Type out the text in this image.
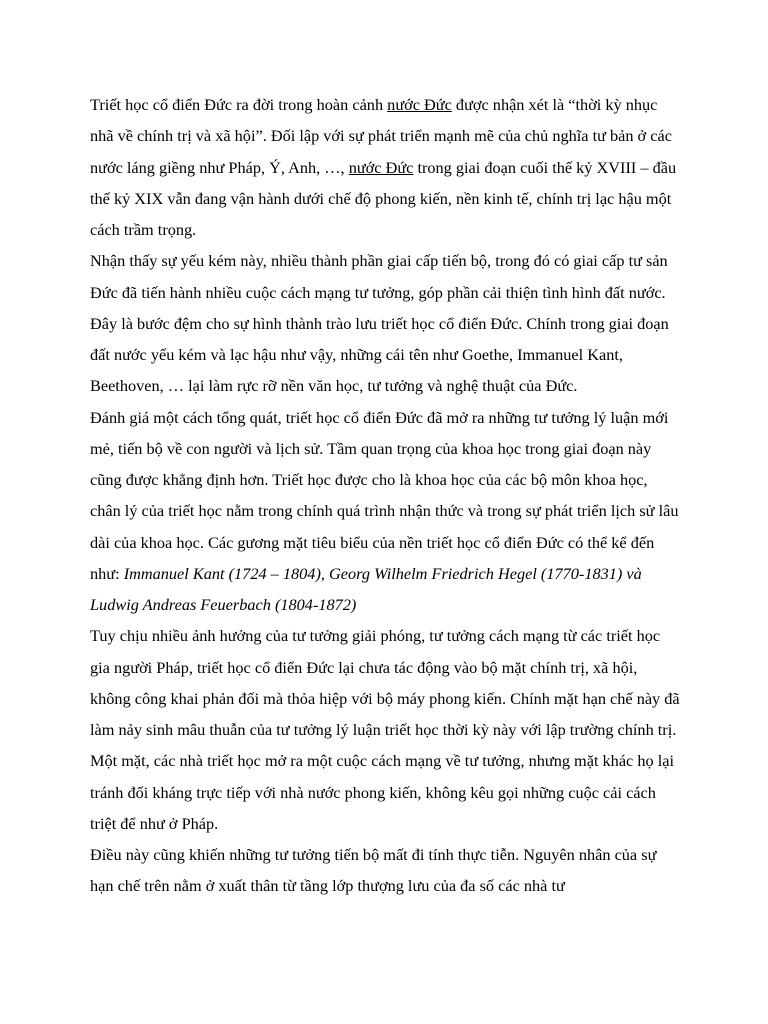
Triết học cổ điển Đức ra đời trong hoàn cảnh nước Đức được nhận xét là “thời kỳ nhục nhã về chính trị và xã hội”. Đối lập với sự phát triển mạnh mẽ của chủ nghĩa tư bản ở các nước láng giềng như Pháp, Ý, Anh, …, nước Đức trong giai đoạn cuối thế kỷ XVIII – đầu thế kỷ XIX vẫn đang vận hành dưới chế độ phong kiến, nền kinh tế, chính trị lạc hậu một cách trầm trọng.

Nhận thấy sự yếu kém này, nhiều thành phần giai cấp tiến bộ, trong đó có giai cấp tư sản Đức đã tiến hành nhiều cuộc cách mạng tư tưởng, góp phần cải thiện tình hình đất nước. Đây là bước đệm cho sự hình thành trào lưu triết học cổ điển Đức. Chính trong giai đoạn đất nước yếu kém và lạc hậu như vậy, những cái tên như Goethe, Immanuel Kant, Beethoven, … lại làm rực rỡ nền văn học, tư tưởng và nghệ thuật của Đức.

Đánh giá một cách tổng quát, triết học cổ điển Đức đã mở ra những tư tưởng lý luận mới mẻ, tiến bộ về con người và lịch sử. Tầm quan trọng của khoa học trong giai đoạn này cũng được khẳng định hơn. Triết học được cho là khoa học của các bộ môn khoa học, chân lý của triết học nằm trong chính quá trình nhận thức và trong sự phát triển lịch sử lâu dài của khoa học. Các gương mặt tiêu biểu của nền triết học cổ điển Đức có thể kể đến như: Immanuel Kant (1724 – 1804), Georg Wilhelm Friedrich Hegel (1770-1831) và Ludwig Andreas Feuerbach (1804-1872)

Tuy chịu nhiều ảnh hưởng của tư tưởng giải phóng, tư tưởng cách mạng từ các triết học gia người Pháp, triết học cổ điển Đức lại chưa tác động vào bộ mặt chính trị, xã hội, không công khai phản đối mà thỏa hiệp với bộ máy phong kiến. Chính mặt hạn chế này đã làm nảy sinh mâu thuẫn của tư tưởng lý luận triết học thời kỳ này với lập trường chính trị. Một mặt, các nhà triết học mở ra một cuộc cách mạng về tư tưởng, nhưng mặt khác họ lại tránh đối kháng trực tiếp với nhà nước phong kiến, không kêu gọi những cuộc cải cách triệt để như ở Pháp.

Điều này cũng khiến những tư tưởng tiến bộ mất đi tính thực tiễn. Nguyên nhân của sự hạn chế trên nằm ở xuất thân từ tầng lớp thượng lưu của đa số các nhà tư
